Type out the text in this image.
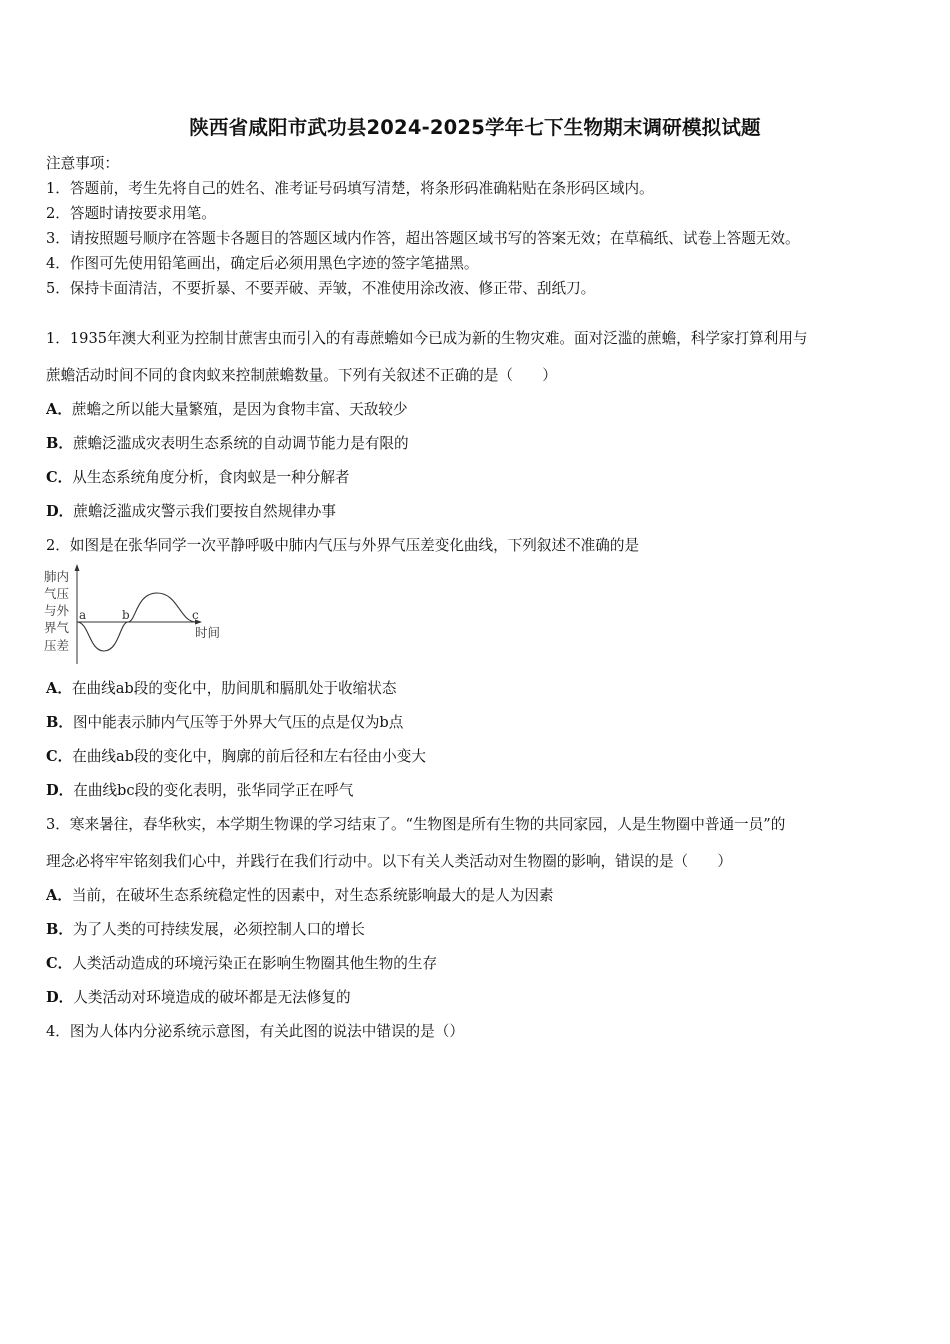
陕西省咸阳市武功县2024-2025学年七下生物期末调研模拟试题
注意事项：
1．答题前，考生先将自己的姓名、准考证号码填写清楚，将条形码准确粘贴在条形码区域内。
2．答题时请按要求用笔。
3．请按照题号顺序在答题卡各题目的答题区域内作答，超出答题区域书写的答案无效；在草稿纸、试卷上答题无效。
4．作图可先使用铅笔画出，确定后必须用黑色字迹的签字笔描黑。
5．保持卡面清洁，不要折暴、不要弄破、弄皱，不准使用涂改液、修正带、刮纸刀。
1．1935年澳大利亚为控制甘蔗害虫而引入的有毒蔗蟾如今已成为新的生物灾难。面对泛滥的蔗蟾，科学家打算利用与
蔗蟾活动时间不同的食肉蚁来控制蔗蟾数量。下列有关叙述不正确的是（　　）
A．蔗蟾之所以能大量繁殖，是因为食物丰富、天敌较少
B．蔗蟾泛滥成灾表明生态系统的自动调节能力是有限的
C．从生态系统角度分析，食肉蚁是一种分解者
D．蔗蟾泛滥成灾警示我们要按自然规律办事
2．如图是在张华同学一次平静呼吸中肺内气压与外界气压差变化曲线，下列叙述不准确的是
肺内
气压
与外
界气
压差
a	b	c
时间
A．在曲线ab段的变化中，肋间肌和膈肌处于收缩状态
B．图中能表示肺内气压等于外界大气压的点是仅为b点
C．在曲线ab段的变化中，胸廓的前后径和左右径由小变大
D．在曲线bc段的变化表明，张华同学正在呼气
3．寒来暑往，春华秋实，本学期生物课的学习结束了。“生物图是所有生物的共同家园，人是生物圈中普通一员”的
理念必将牢牢铭刻我们心中，并践行在我们行动中。以下有关人类活动对生物圈的影响，错误的是（　　）
A．当前，在破坏生态系统稳定性的因素中，对生态系统影响最大的是人为因素
B．为了人类的可持续发展，必须控制人口的增长
C．人类活动造成的环境污染正在影响生物圈其他生物的生存
D．人类活动对环境造成的破坏都是无法修复的
4．图为人体内分泌系统示意图，有关此图的说法中错误的是（）
